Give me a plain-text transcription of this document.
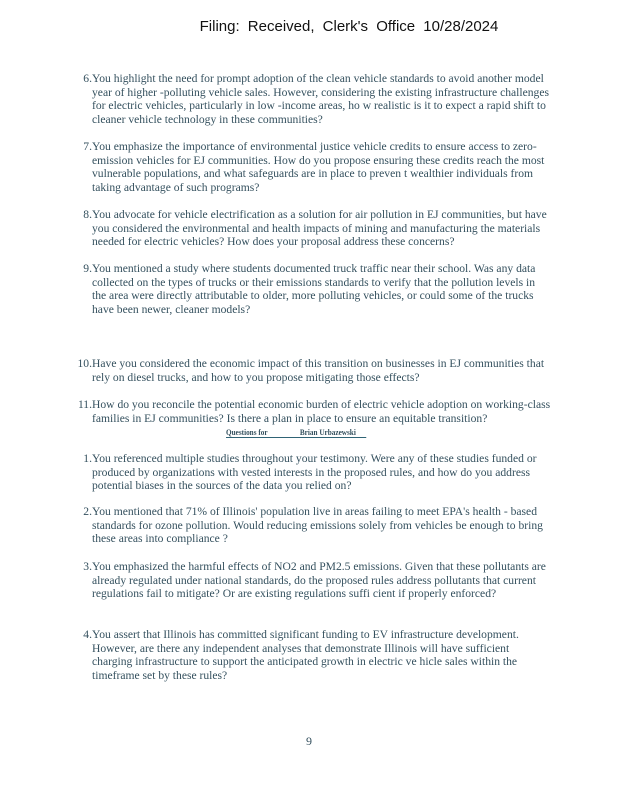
Filing: Received, Clerk's Office 10/28/2024
6. You highlight the need for prompt adoption of the clean vehicle standards to avoid another model year of higher -polluting vehicle sales. However, considering the existing infrastructure challenges for electric vehicles, particularly in low -income areas, ho w realistic is it to expect a rapid shift to cleaner vehicle technology in these communities?
7. You emphasize the importance of environmental justice vehicle credits to ensure access to zero-emission vehicles for EJ communities. How do you propose ensuring these credits reach the most vulnerable populations, and what safeguards are in place to preven t wealthier individuals from taking advantage of such programs?
8. You advocate for vehicle electrification as a solution for air pollution in EJ communities, but have you considered the environmental and health impacts of mining and manufacturing the materials needed for electric vehicles? How does your proposal address these concerns?
9. You mentioned a study where students documented truck traffic near their school. Was any data collected on the types of trucks or their emissions standards to verify that the pollution levels in the area were directly attributable to older, more polluting vehicles, or could some of the trucks have been newer, cleaner models?
10. Have you considered the economic impact of this transition on businesses in EJ communities that rely on diesel trucks, and how to you propose mitigating those effects?
11. How do you reconcile the potential economic burden of electric vehicle adoption on working-class families in EJ communities? Is there a plan in place to ensure an equitable transition?
Questions for	Brian Urbazewski
1. You referenced multiple studies throughout your testimony. Were any of these studies funded or produced by organizations with vested interests in the proposed rules, and how do you address potential biases in the sources of the data you relied on?
2. You mentioned that 71% of Illinois' population live in areas failing to meet EPA's health - based standards for ozone pollution. Would reducing emissions solely from vehicles be enough to bring these areas into compliance ?
3. You emphasized the harmful effects of NO2 and PM2.5 emissions. Given that these pollutants are already regulated under national standards, do the proposed rules address pollutants that current regulations fail to mitigate? Or are existing regulations suffi cient if properly enforced?
4. You assert that Illinois has committed significant funding to EV infrastructure development. However, are there any independent analyses that demonstrate Illinois will have sufficient charging infrastructure to support the anticipated growth in electric ve hicle sales within the timeframe set by these rules?
9
